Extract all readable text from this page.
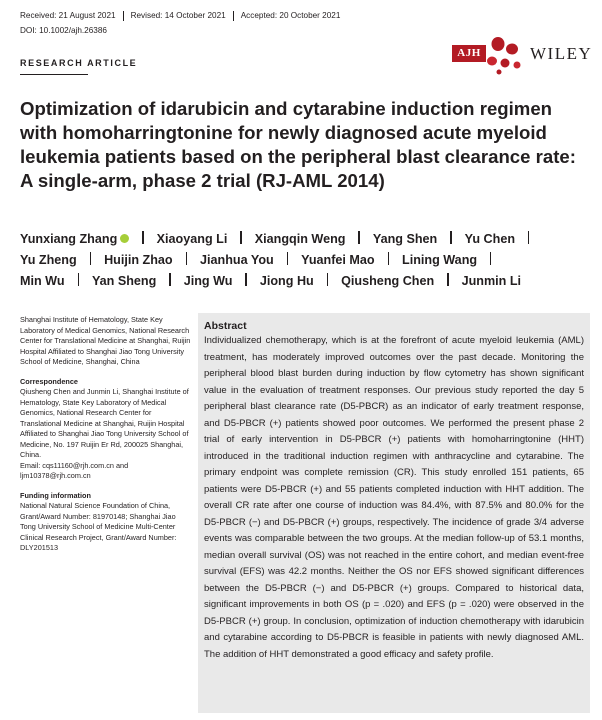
Received: 21 August 2021 Revised: 14 October 2021 Accepted: 20 October 2021
DOI: 10.1002/ajh.26386
AJH	WILEY
RESEARCH ARTICLE
Optimization of idarubicin and cytarabine induction regimen with homoharringtonine for newly diagnosed acute myeloid leukemia patients based on the peripheral blast clearance rate: A single-arm, phase 2 trial (RJ-AML 2014)
Yunxiang Zhang	Xiaoyang Li Xiangqin Weng Yang Shen Yu Chen
Yu Zheng Huijin Zhao Jianhua You Yuanfei Mao Lining Wang
Min Wu Yan Sheng Jing Wu Jiong Hu Qiusheng Chen Junmin Li

Shanghai Institute of Hematology, State Key Laboratory of Medical Genomics, National Research Center for Translational Medicine at Shanghai, Ruijin Hospital Affiliated to Shanghai Jiao Tong University School of Medicine, Shanghai, China

Correspondence

Qiusheng Chen and Junmin Li, Shanghai Institute of Hematology, State Key Laboratory of Medical Genomics, National Research Center for Translational Medicine at Shanghai, Ruijin Hospital Affiliated to Shanghai Jiao Tong University School of Medicine, No. 197 Ruijin Er Rd, 200025 Shanghai, China.

Email: cqs11160@rjh.com.cn and ljm10378@rjh.com.cn

Funding information

National Natural Science Foundation of China, Grant/Award Number: 81970148; Shanghai Jiao Tong University School of Medicine Multi-Center Clinical Research Project, Grant/Award Number: DLY201513

Abstract

Individualized chemotherapy, which is at the forefront of acute myeloid leukemia (AML) treatment, has moderately improved outcomes over the past decade. Monitoring the peripheral blood blast burden during induction by flow cytometry has shown significant value in the evaluation of treatment responses. Our previous study reported the day 5 peripheral blast clearance rate (D5-PBCR) as an indicator of early treatment response, and D5-PBCR (+) patients showed poor outcomes. We performed the present phase 2 trial of early intervention in D5-PBCR (+) patients with homoharringtonine (HHT) introduced in the traditional induction regimen with anthracycline and cytarabine. The primary endpoint was complete remission (CR). This study enrolled 151 patients, 65 patients were D5-PBCR (+) and 55 patients completed induction with HHT addition. The overall CR rate after one course of induction was 84.4%, with 87.5% and 80.0% for the D5-PBCR (−) and D5-PBCR (+) groups, respectively. The incidence of grade 3/4 adverse events was comparable between the two groups. At the median follow-up of 53.1 months, median overall survival (OS) was not reached in the entire cohort, and median event-free survival (EFS) was 42.2 months. Neither the OS nor EFS showed significant differences between the D5-PBCR (−) and D5-PBCR (+) groups. Compared to historical data, significant improvements in both OS (p = .020) and EFS (p = .020) were observed in the D5-PBCR (+) group. In conclusion, optimization of induction chemotherapy with idarubicin and cytarabine according to D5-PBCR is feasible in patients with newly diagnosed AML. The addition of HHT demonstrated a good efficacy and safety profile.
